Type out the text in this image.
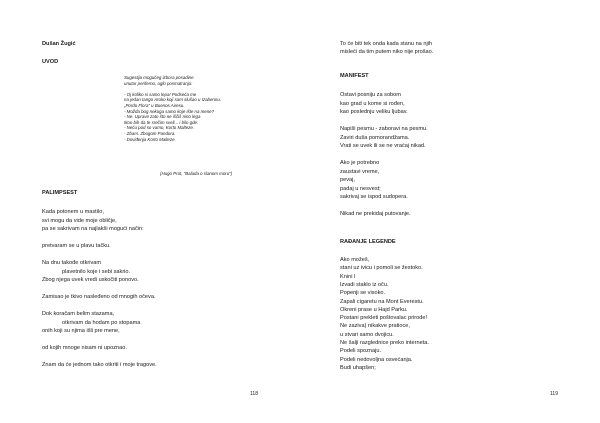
Dušan Žugić
UVOD
Sugestija mogućeg izbora posadine
unutar periferno, uglo posmatranja:
- Oj koliko si samo lepa! Podseća me
na jedan tango Aroko koji sam slušao u Izabennu.
„Pordo Flora" u Buenos Airesu.
- Možda bog nekoga samo koje ište na mene?
- Ne. Uprave zato što ne iščiš nino lega
Ikoo bih da te srečim sveli... i bilo gde.
- Neću pod so vamo, Korto Malteze.
- Zbam. Zbogom Pandora.
- Doviđenja Korto Malteze.
(Hugo Prot, "Balada o slanom moru")
PALIMPSEST
Kada potonem u mastilo,
svi mogu da vide moje obličje,
pa se sakrivam na najlakši mogući način:
pretvaram se u plavu tačku.
Na dnu takođe otkrivam
plavetnilo koje i sebi sakrio.
Zbog njega uvek vredi uskočiti ponovo.
Zamisao je tkivo nasleđeno od mnogih očeva.
Dok koračam belim stazama,
otkrivam da hodam po stopama
onih koji su njima išli pre mene,
od kojih mnoge nisam ni upoznao.
Znam da će jednom tako otkriti i moje tragove.
118
To će biti tek onda kada stanu na njih
misleći da tim putem niko nije prošao.
MANIFEST
Ostavi posniju za sobom
kao grad u kome si rođen,
kao poslednju veliku ljubav.
Napiši pesmu - zaboravi na pesmu.
Zaviri duša pomorandžama.
Vrati se uvek ili se ne vraćaj nikad.
Ako je potrebno
zaustavi vreme,
pevaj,
padaj u nesvest;
sakrivaj se ispod sudopera.
Nikad ne prekidaj putovanje.
RAĐANJE LEGENDE
Ako možeš,
stani uz ivicu i pomoli se žestoko.
Knini I
Izvadi staklo iz oču.
Popenji se visoko.
Zapali cigaretu na Mont Everestu.
Okreni prase u Hajd Parku.
Postani prekleti poštovalac prirode!
Ne zaziva) nikakve pratioce,
u stvari samo dvojicu.
Ne šalji razglednice preko interneta.
Podeli spoznaju.
Podeli nedovoljna osvećanja.
Budi uhapšen;
119
